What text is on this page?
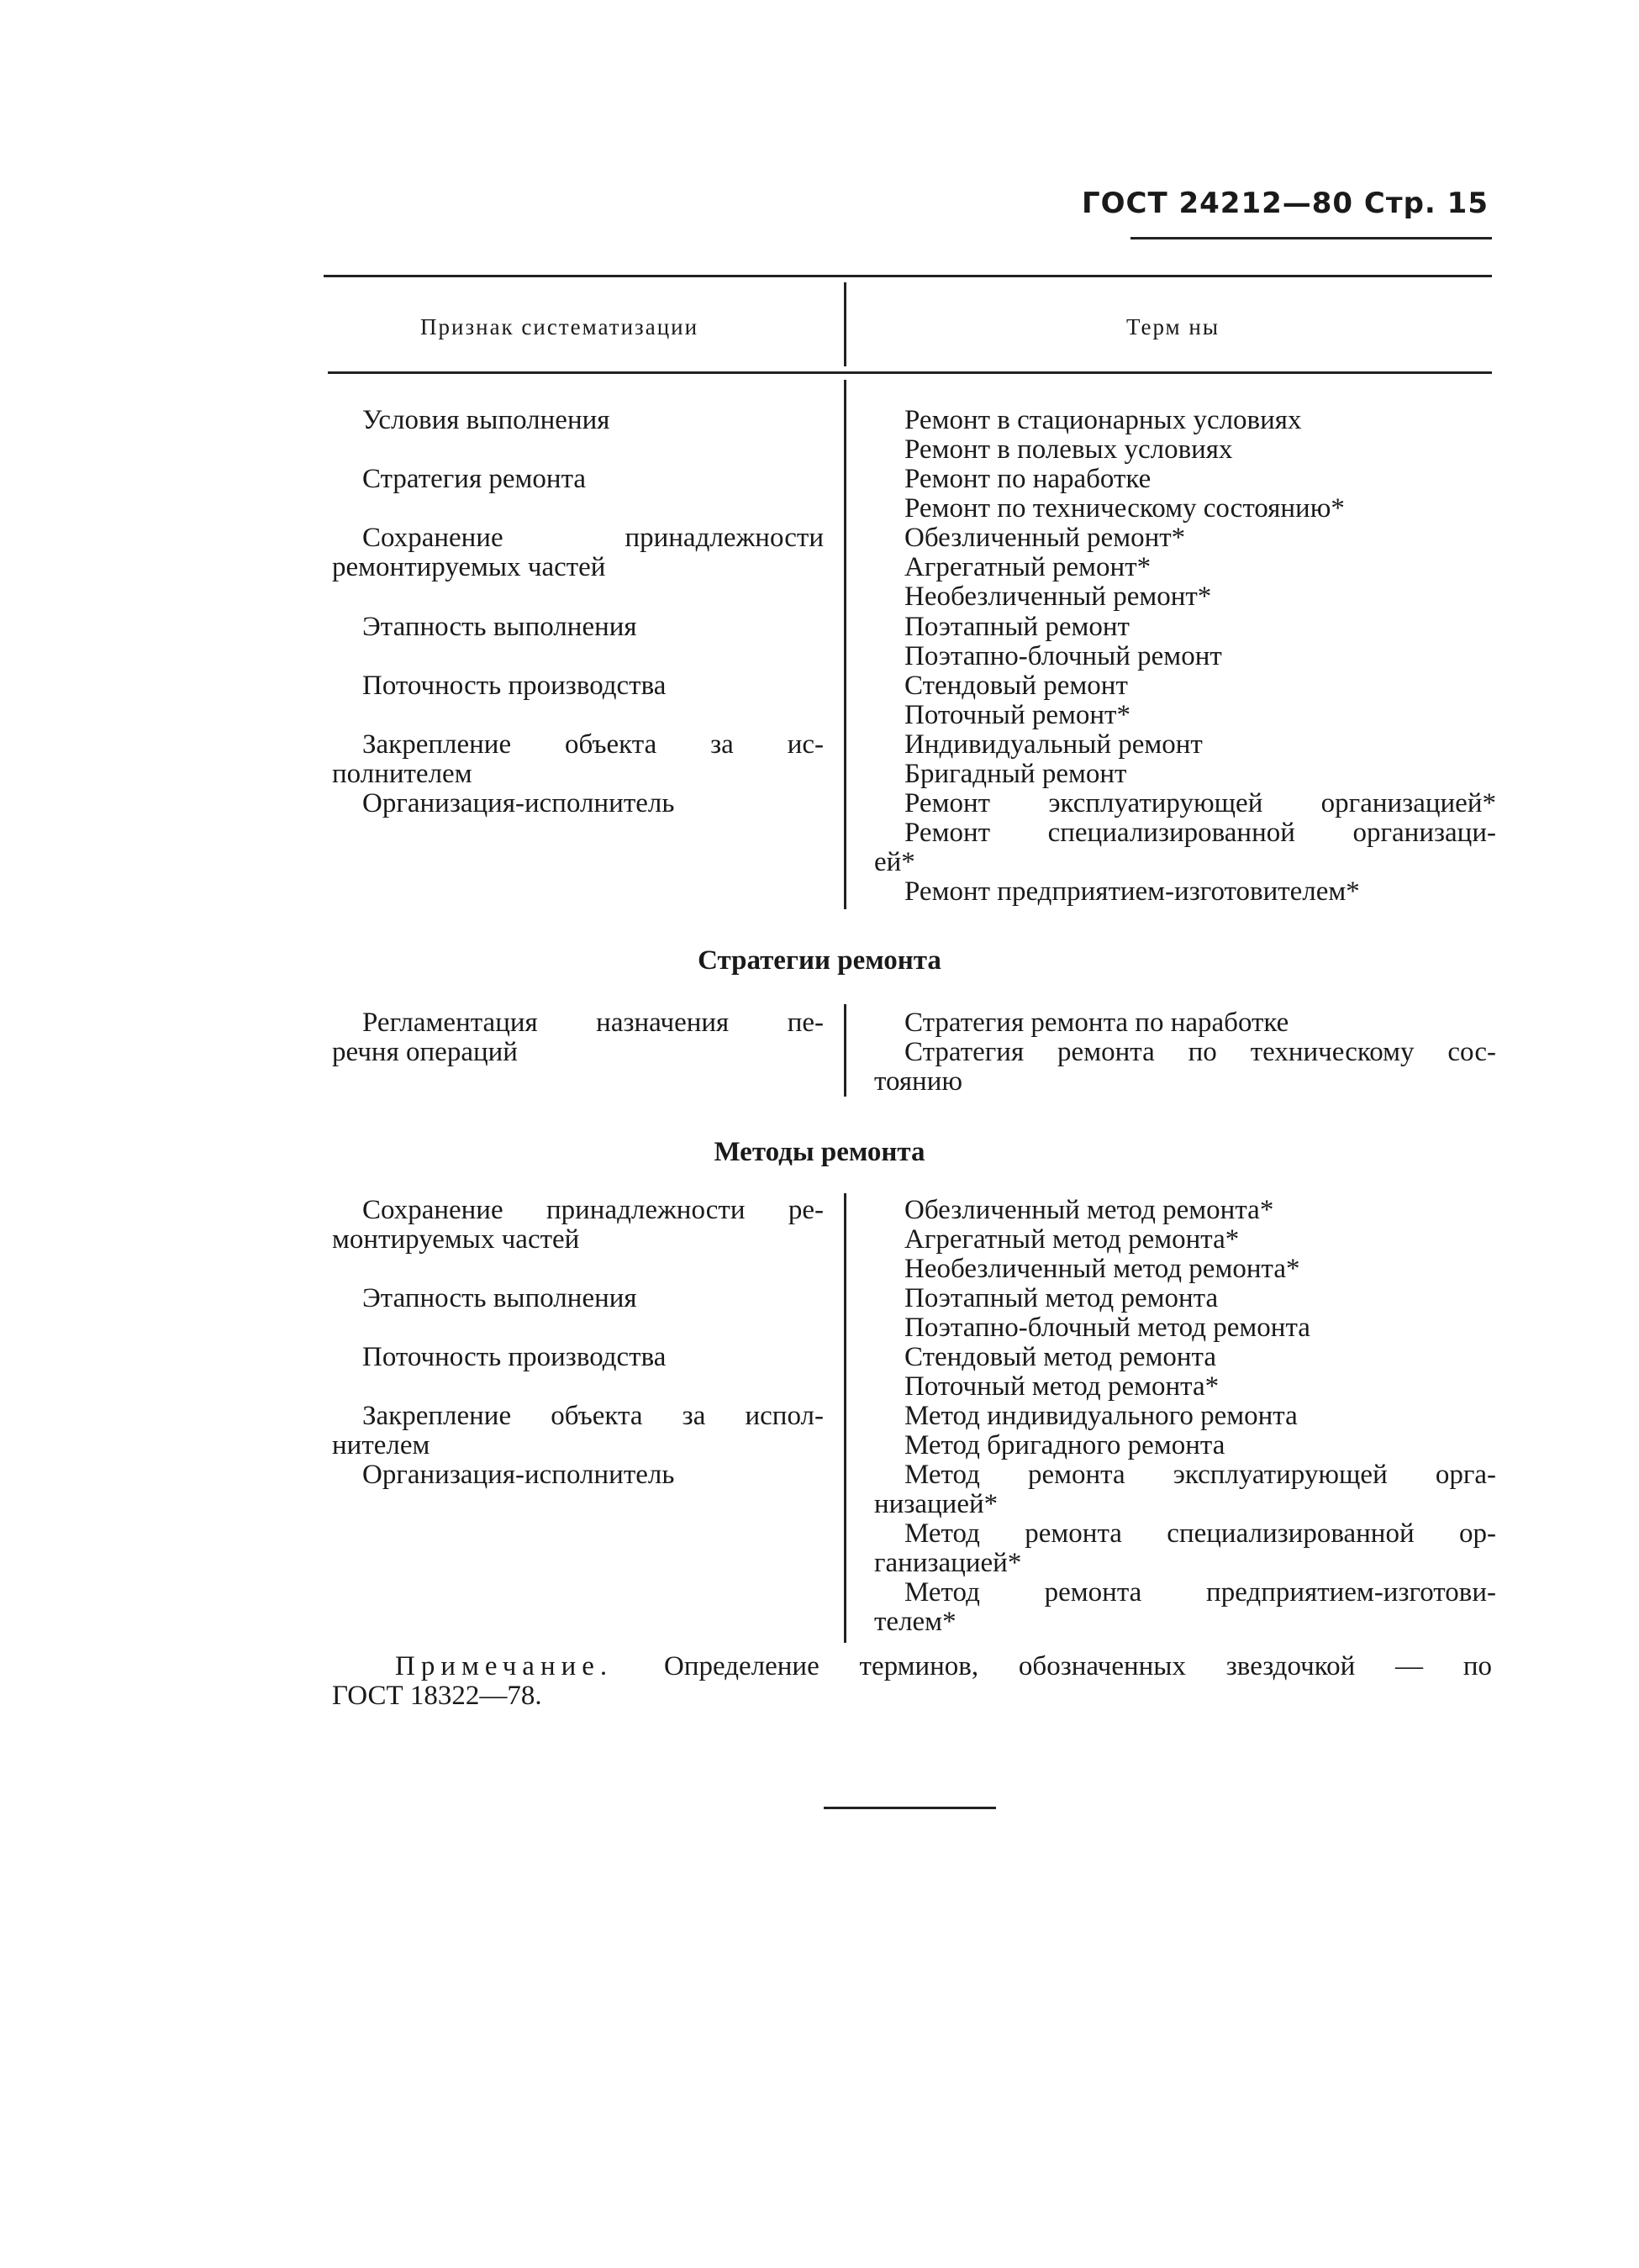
ГОСТ 24212—80 Стр. 15
Признак систематизации	Терм ны
Условия выполнения
Стратегия ремонта
Сохранение принадлежности
ремонтируемых частей
Этапность выполнения
Поточность производства
Закрепление объекта за ис-
полнителем
Организация-исполнитель
Ремонт в стационарных условиях
Ремонт в полевых условиях
Ремонт по наработке
Ремонт по техническому состоянию*
Обезличенный ремонт*
Агрегатный ремонт*
Необезличенный ремонт*
Поэтапный ремонт
Поэтапно-блочный ремонт
Стендовый ремонт
Поточный ремонт*
Индивидуальный ремонт
Бригадный ремонт
Ремонт эксплуатирующей организацией*
Ремонт специализированной организаци-
ей*
Ремонт предприятием-изготовителем*
Стратегии ремонта
Регламентация назначения пе-
речня операций
Стратегия ремонта по наработке
Стратегия ремонта по техническому сос-
тоянию
Методы ремонта
Сохранение принадлежности ре-
монтируемых частей
Этапность выполнения
Поточность производства
Закрепление объекта за испол-
нителем
Организация-исполнитель
Обезличенный метод ремонта*
Агрегатный метод ремонта*
Необезличенный метод ремонта*
Поэтапный метод ремонта
Поэтапно-блочный метод ремонта
Стендовый метод ремонта
Поточный метод ремонта*
Метод индивидуального ремонта
Метод бригадного ремонта
Метод ремонта эксплуатирующей орга-
низацией*
Метод ремонта специализированной ор-
ганизацией*
Метод ремонта предприятием-изготови-
телем*
Примечание. Определение терминов, обозначенных звездочкой — по
ГОСТ 18322—78.
